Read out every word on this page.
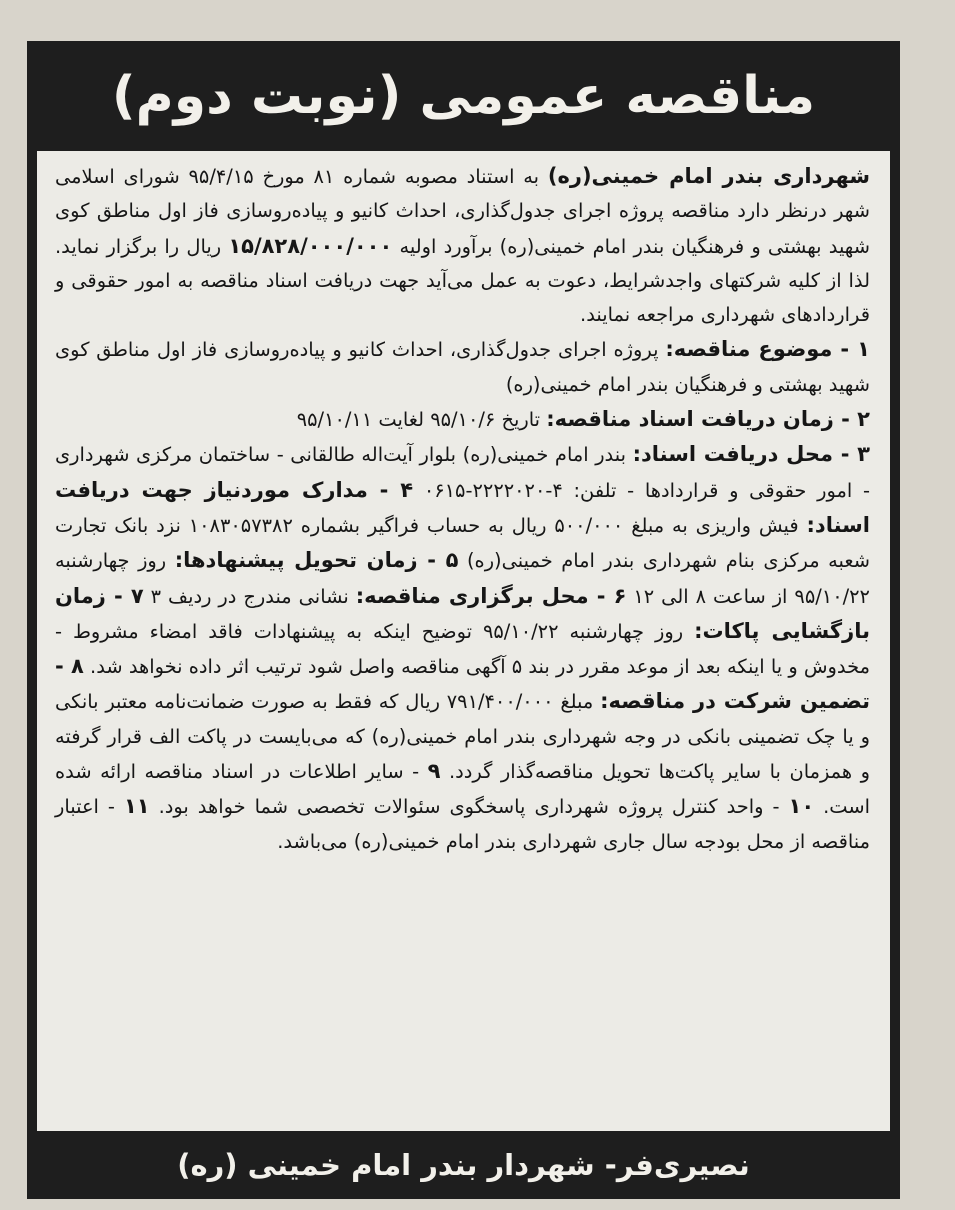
مناقصه عمومی (نوبت دوم)
شهرداری بندر امام خمینی(ره) به استناد مصوبه شماره ۸۱ مورخ ۹۵/۴/۱۵ شورای اسلامی شهر درنظر دارد مناقصه پروژه اجرای جدول‌گذاری، احداث کانیو و پیاده‌روسازی فاز اول مناطق کوی شهید بهشتی و فرهنگیان بندر امام خمینی(ره) برآورد اولیه ۱۵/۸۲۸/۰۰۰/۰۰۰ ریال را برگزار نماید. لذا از کلیه شرکتهای واجدشرایط، دعوت به عمل می‌آید جهت دریافت اسناد مناقصه به امور حقوقی و قراردادهای شهرداری مراجعه نمایند.
۱ - موضوع مناقصه: پروژه اجرای جدول‌گذاری، احداث کانیو و پیاده‌روسازی فاز اول مناطق کوی شهید بهشتی و فرهنگیان بندر امام خمینی(ره)
۲ - زمان دریافت اسناد مناقصه: تاریخ ۹۵/۱۰/۶ لغایت ۹۵/۱۰/۱۱
۳ - محل دریافت اسناد: بندر امام خمینی(ره) بلوار آیت‌اله طالقانی - ساختمان مرکزی شهرداری - امور حقوقی و قراردادها - تلفن: ۴-۲۲۲۲۰۲۰-۰۶۱۵ ۴ - مدارک موردنیاز جهت دریافت اسناد: فیش واریزی به مبلغ ۵۰۰/۰۰۰ ریال به حساب فراگیر بشماره ۱۰۸۳۰۵۷۳۸۲ نزد بانک تجارت شعبه مرکزی بنام شهرداری بندر امام خمینی(ره) ۵ - زمان تحویل پیشنهادها: روز چهارشنبه ۹۵/۱۰/۲۲ از ساعت ۸ الی ۱۲ ۶ - محل برگزاری مناقصه: نشانی مندرج در ردیف ۳ ۷ - زمان بازگشایی پاکات: روز چهارشنبه ۹۵/۱۰/۲۲ توضیح اینکه به پیشنهادات فاقد امضاء مشروط - مخدوش و یا اینکه بعد از موعد مقرر در بند ۵ آگهی مناقصه واصل شود ترتیب اثر داده نخواهد شد. ۸ - تضمین شرکت در مناقصه: مبلغ ۷۹۱/۴۰۰/۰۰۰ ریال که فقط به صورت ضمانت‌نامه معتبر بانکی و یا چک تضمینی بانکی در وجه شهرداری بندر امام خمینی(ره) که می‌بایست در پاکت الف قرار گرفته و همزمان با سایر پاکت‌ها تحویل مناقصه‌گذار گردد. ۹ - سایر اطلاعات در اسناد مناقصه ارائه شده است. ۱۰ - واحد کنترل پروژه شهرداری پاسخگوی سئوالات تخصصی شما خواهد بود. ۱۱ - اعتبار مناقصه از محل بودجه سال جاری شهرداری بندر امام خمینی(ره) می‌باشد.
نصیری‌فر- شهردار بندر امام خمینی (ره)
